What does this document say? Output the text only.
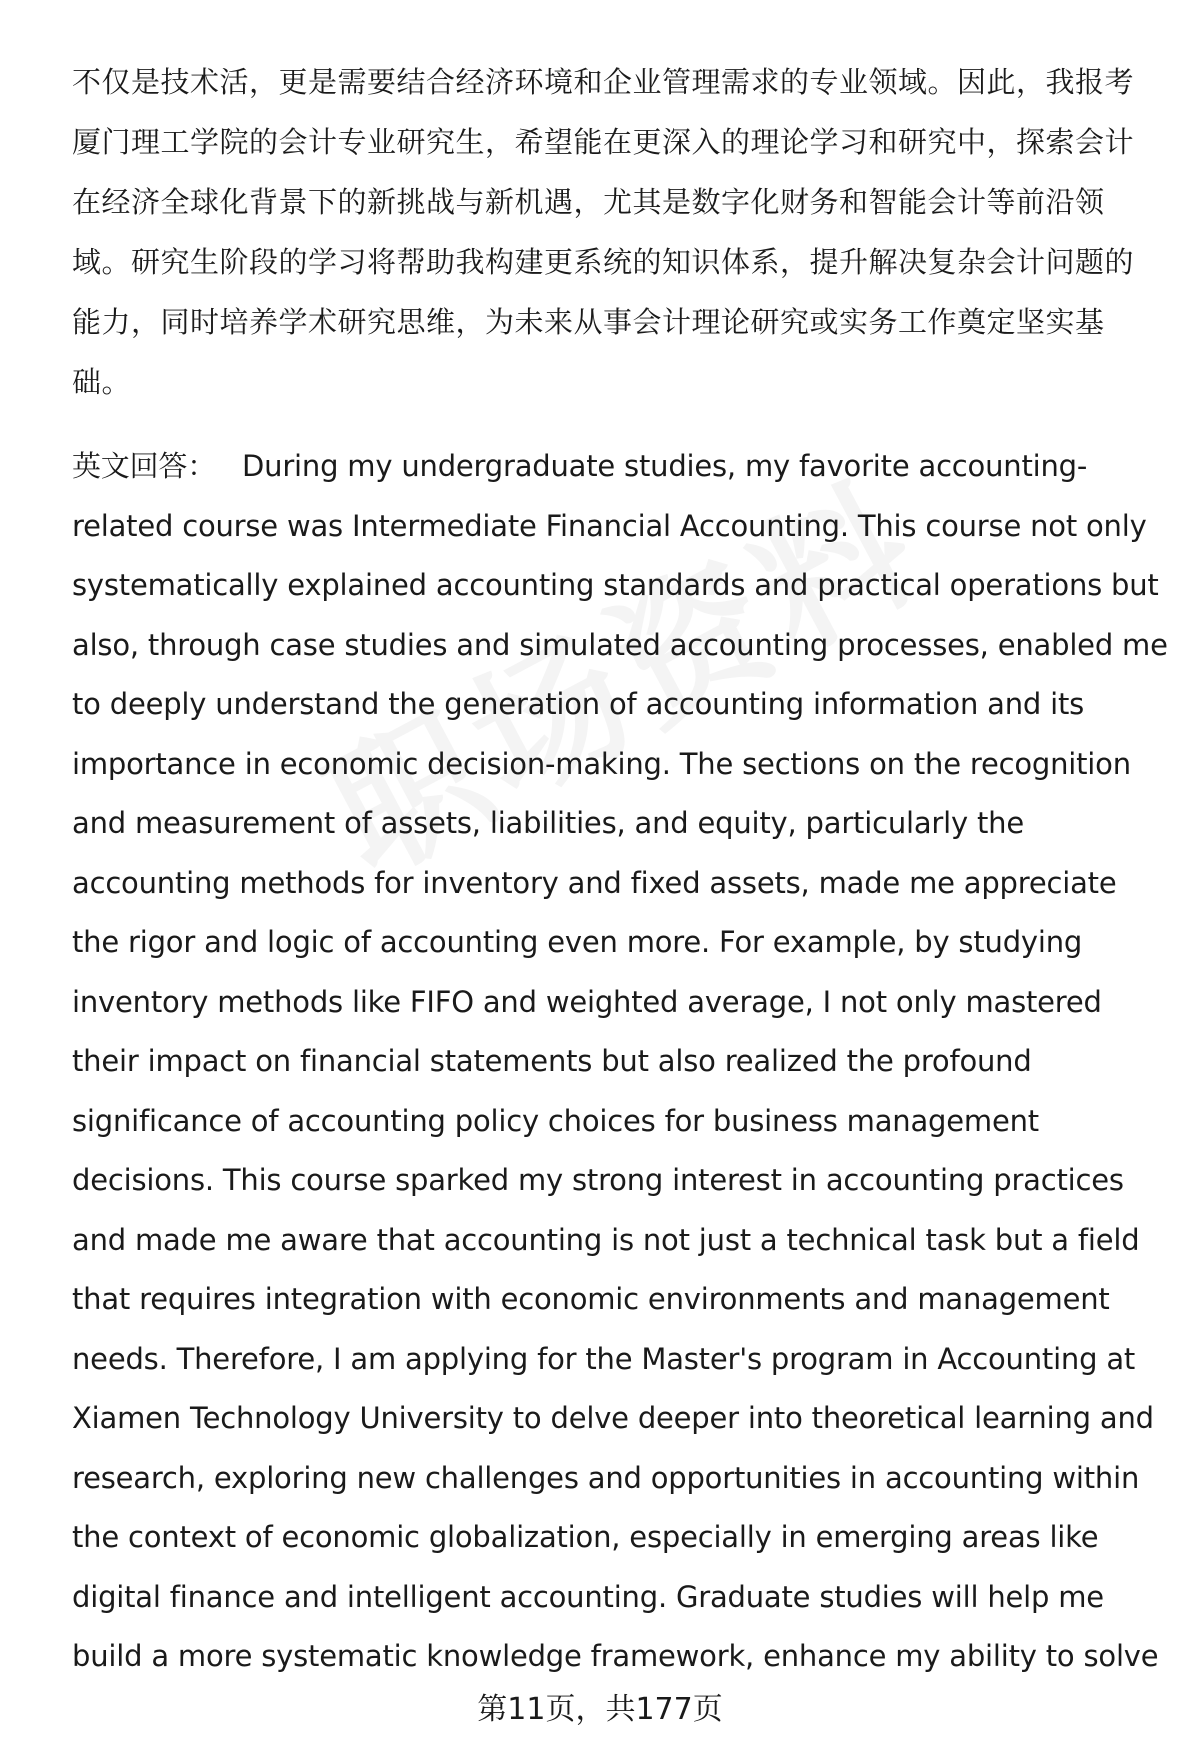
不仅是技术活，更是需要结合经济环境和企业管理需求的专业领域。因此，我报考
厦门理工学院的会计专业研究生，希望能在更深入的理论学习和研究中，探索会计
在经济全球化背景下的新挑战与新机遇，尤其是数字化财务和智能会计等前沿领
域。研究生阶段的学习将帮助我构建更系统的知识体系，提升解决复杂会计问题的
能力，同时培养学术研究思维，为未来从事会计理论研究或实务工作奠定坚实基
础。
英文回答： During my undergraduate studies, my favorite accounting-
related course was Intermediate Financial Accounting. This course not only
systematically explained accounting standards and practical operations but
also, through case studies and simulated accounting processes, enabled me
to deeply understand the generation of accounting information and its
importance in economic decision-making. The sections on the recognition
and measurement of assets, liabilities, and equity, particularly the
accounting methods for inventory and fixed assets, made me appreciate
the rigor and logic of accounting even more. For example, by studying
inventory methods like FIFO and weighted average, I not only mastered
their impact on financial statements but also realized the profound
significance of accounting policy choices for business management
decisions. This course sparked my strong interest in accounting practices
and made me aware that accounting is not just a technical task but a field
that requires integration with economic environments and management
needs. Therefore, I am applying for the Master's program in Accounting at
Xiamen Technology University to delve deeper into theoretical learning and
research, exploring new challenges and opportunities in accounting within
the context of economic globalization, especially in emerging areas like
digital finance and intelligent accounting. Graduate studies will help me
build a more systematic knowledge framework, enhance my ability to solve
第11页，共177页
